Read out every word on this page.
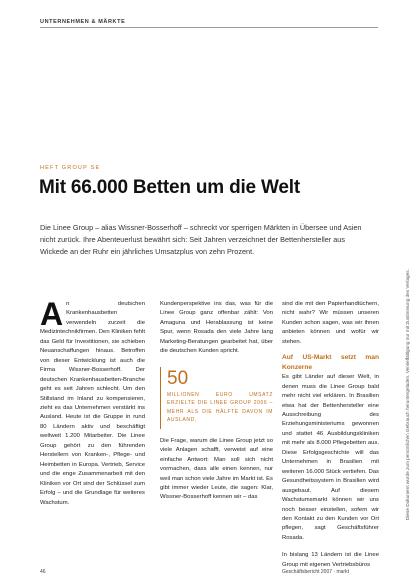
UNTERNEHMEN & MÄRKTE
HEFT GROUP SE
Mit 66.000 Betten um die Welt
Die Linee Group – alias Wissner-Bosserhoff – schreckt vor sperrigen Märkten in Übersee und Asien nicht zurück. Ihre Abenteuerlust bewährt sich: Seit Jahren verzeichnet der Bettenhersteller aus Wickede an der Ruhr ein jährliches Umsatzplus von zehn Prozent.
A n deutschen Krankenhausbetten verwendeln zurzeit die Medizintechnikfirmen. Den Kliniken fehlt das Geld für Investitionen, sie schieben Neuanschaffungen hinaus. Betroffen von dieser Entwicklung ist auch die Firma Wissner-Bosserhoff. Der deutschen Krankenhausbetten-Branche geht es seit Jahren schlecht. Um den Stillstand im Inland zu kompensieren, zieht es das Unternehmen verstärkt ins Ausland. Heute ist die Gruppe in rund 80 Ländern aktiv und beschäftigt weltweit 1.200 Mitarbeiter. Die Linee Group gehört zu den führenden Herstellern von Kranken-, Pflege- und Heimbetten in Europa. Vertrieb, Service und die enge Zusammenarbeit mit den Kliniken vor Ort sind der Schlüssel zum Erfolg – und die Grundlage für weiteres Wachstum.

Kundenperspektive ins das, was für die Linee Group ganz offenbar zählt: Von Amaguna und Herablassung ist keine Spur, wenn Rosada den viele Jahre lang Marketing-Beratungen gearbeitet hat, über die deutschen Kunden spricht.

50
MILLIONEN EURO UMSATZ ERZIELTE DIE LINEE GROUP 2006 – MEHR ALS DIE HÄLFTE DAVON IM AUSLAND.

Die Frage, warum die Linee Group jetzt so viele Anlagen schafft, verweist auf eine einfache Antwort: Man soll sich nicht vormachen, dass alle einen kennen, nur weil man schon viele Jahre im Markt ist. Es gibt immer wieder Leute, die sagen: Klar, Wissner-Bosserhoff kennen wir – das

sind die mit den Papierhandtüchern, nicht wahr? Wir müssen unseren Kunden schon sagen, was wir ihnen anbieten können und wofür wir stehen.

Auf US-Markt setzt man Konzerne

Es gibt Länder auf dieser Welt, in denen muss die Linee Group bald mehr nicht viel erklären. In Brasilien etwa hat der Bettenhersteller eine Ausschreibung des Erziehungsministeriums gewonnen und stattet 46 Ausbildungskliniken mit mehr als 8.000 Pflegebetten aus. Diese Erfolgsgeschichte will das Unternehmen in Brasilien mit weiteren 16.000 Stück vertiefen. Das Gesundheitssystem in Brasilien wird ausgebaut. Auf diesem Wachstumsmarkt können wir uns noch besser einstellen, sofern wir den Kontakt zu den Kunden vor Ort pflegen, sagt Geschäftsführer Rosada.

In bislang 13 Ländern ist die Linee Group mit eigenen Vertriebsbüros

Diese Dokument wurde zum persönlichen Gebrauch heruntergeladen. Vervielfältigung nur mit Zustimmung des Verlages.
46	Geschäftsbericht 2007 · markt
